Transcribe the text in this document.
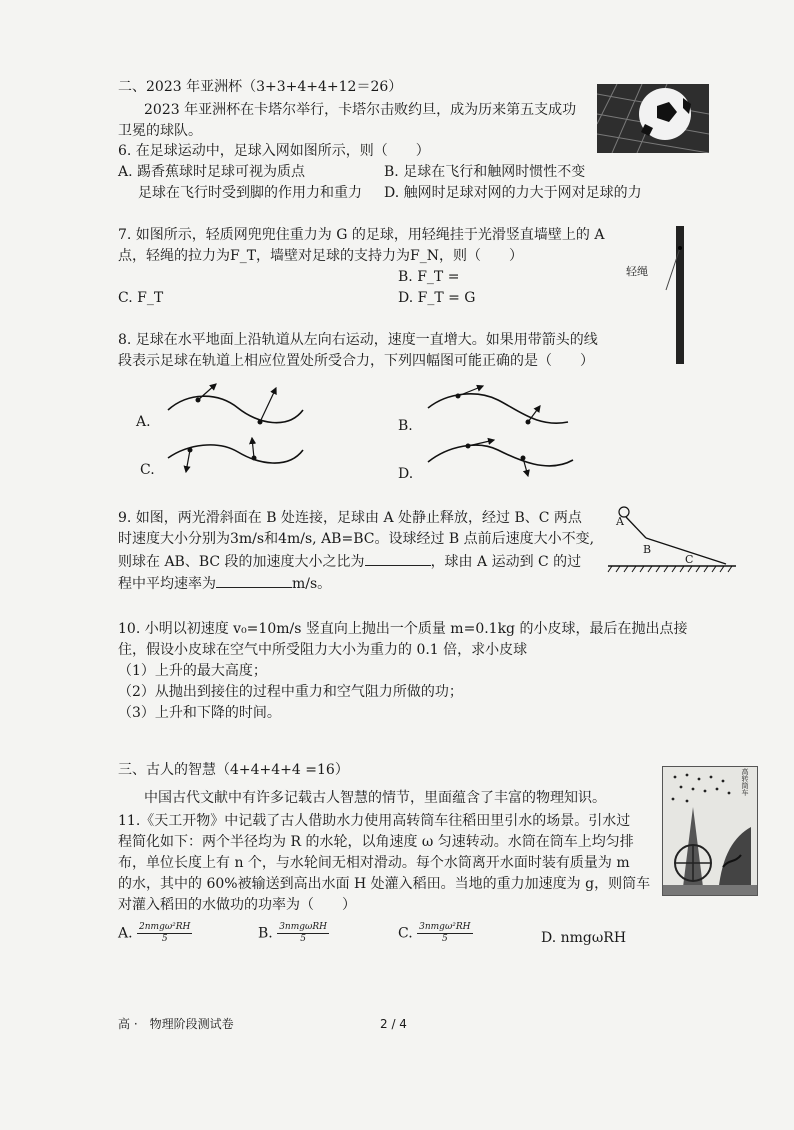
二、2023 年亚洲杯（3+3+4+4+12＝26）
2023 年亚洲杯在卡塔尔举行，卡塔尔击败约旦，成为历来第五支成功
卫冕的球队。
6. 在足球运动中，足球入网如图所示，则（　　）
A. 踢香蕉球时足球可视为质点	B. 足球在飞行和触网时惯性不变
足球在飞行时受到脚的作用力和重力 D. 触网时足球对网的力大于网对足球的力
7. 如图所示，轻质网兜兜住重力为 G 的足球，用轻绳挂于光滑竖直墙壁上的 A
点，轻绳的拉力为F_T，墙壁对足球的支持力为F_N，则（　　）
B. F_T =
C. F_T	D. F_T = G
轻绳
8. 足球在水平地面上沿轨道从左向右运动，速度一直增大。如果用带箭头的线
段表示足球在轨道上相应位置处所受合力，下列四幅图可能正确的是（　　）
A.	B.
C.	D.
9. 如图，两光滑斜面在 B 处连接，足球由 A 处静止释放，经过 B、C 两点
时速度大小分别为3m/s和4m/s, AB=BC。设球经过 B 点前后速度大小不变,
则球在 AB、BC 段的加速度大小之比为	，球由 A 运动到 C 的过
程中平均速率为	m/s。
A
B
C
10. 小明以初速度 v₀=10m/s 竖直向上抛出一个质量 m=0.1kg 的小皮球，最后在抛出点接
住，假设小皮球在空气中所受阻力大小为重力的 0.1 倍，求小皮球
（1）上升的最大高度；
（2）从抛出到接住的过程中重力和空气阻力所做的功；
（3）上升和下降的时间。
三、古人的智慧（4+4+4+4 =16）
中国古代文献中有许多记载古人智慧的情节，里面蕴含了丰富的物理知识。
高转筒车
11.《天工开物》中记载了古人借助水力使用高转筒车往稻田里引水的场景。引水过
程简化如下：两个半径均为 R 的水轮，以角速度 ω 匀速转动。水筒在筒车上均匀排
布，单位长度上有 n 个，与水轮间无相对滑动。每个水筒离开水面时装有质量为 m
的水，其中的 60%被输送到高出水面 H 处灌入稻田。当地的重力加速度为 g，则筒车
对灌入稻田的水做功的功率为（　　）
A. $\frac{\text{2nmgω²RH}}{5}$	B. $\frac{\text{3nmgωRH}}{5}$	C. $\frac{\text{3nmgω²RH}}{5}$	D. nmgωRH
高 ·　物理阶段测试卷	2 / 4
